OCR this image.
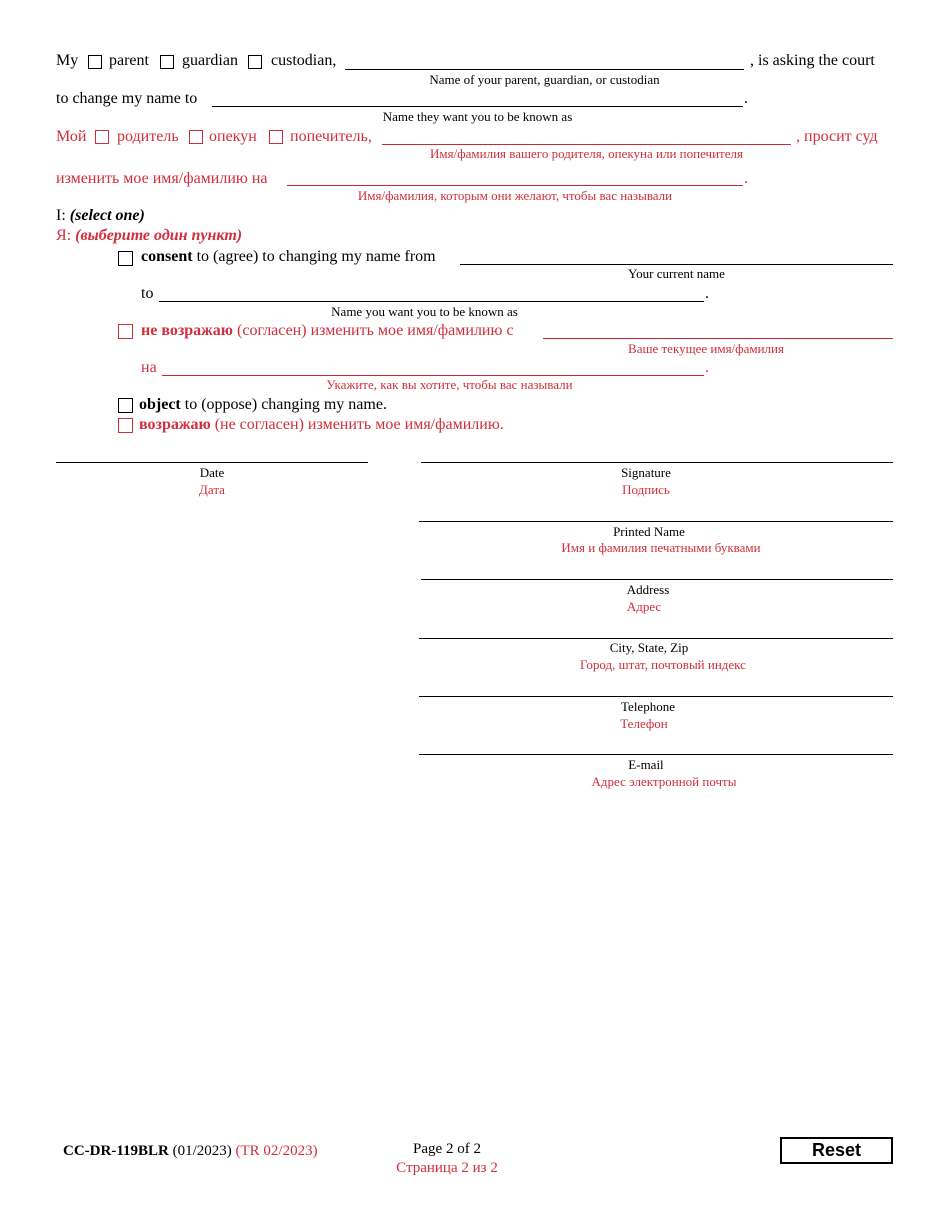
My parent guardian custodian,	, is asking the court
Name of your parent, guardian, or custodian
to change my name to	.
Name they want you to be known as
Мой родитель опекун попечитель,	, просит суд
Имя/фамилия вашего родителя, опекуна или попечителя
изменить мое имя/фамилию на	.
Имя/фамилия, которым они желают, чтобы вас называли
I: (select one)
Я: (выберите один пункт)
consent to (agree) to changing my name from
Your current name
to	.
Name you want you to be known as
не возражаю (согласен) изменить мое имя/фамилию с
Ваше текущее имя/фамилия
на	.
Укажите, как вы хотите, чтобы вас называли
object to (oppose) changing my name.
возражаю (не согласен) изменить мое имя/фамилию.
Date
Дата
Signature
Подпись
Printed Name
Имя и фамилия печатными буквами
Address
Адрес
City, State, Zip
Город, штат, почтовый индекс
Telephone
Телефон
E-mail
Адрес электронной почты
CC-DR-119BLR (01/2023) (TR 02/2023)	Page 2 of 2
Страница 2 из 2
Reset
